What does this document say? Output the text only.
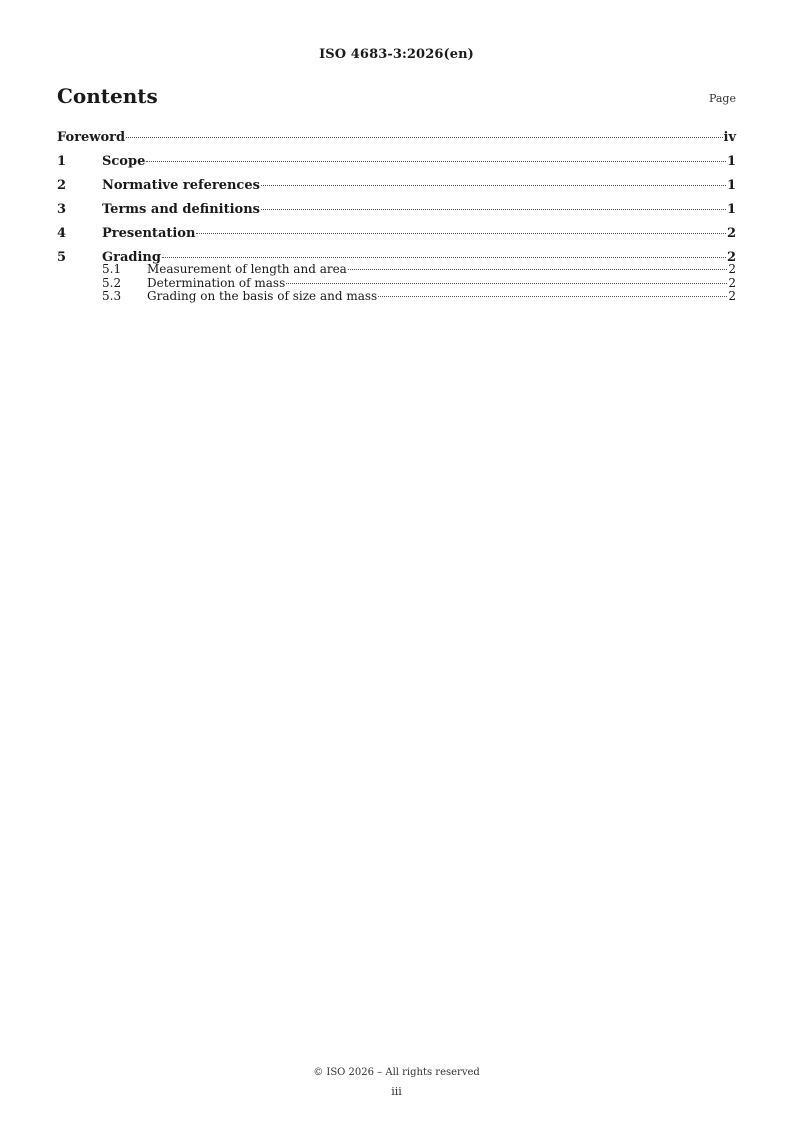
ISO 4683-3:2026(en)
Contents	Page
Foreword	iv
1	Scope	1
2	Normative references	1
3	Terms and definitions	1
4	Presentation	2
5	Grading	2
5.1	Measurement of length and area	2
5.2	Determination of mass	2
5.3	Grading on the basis of size and mass	2
© ISO 2026 – All rights reserved
iii
